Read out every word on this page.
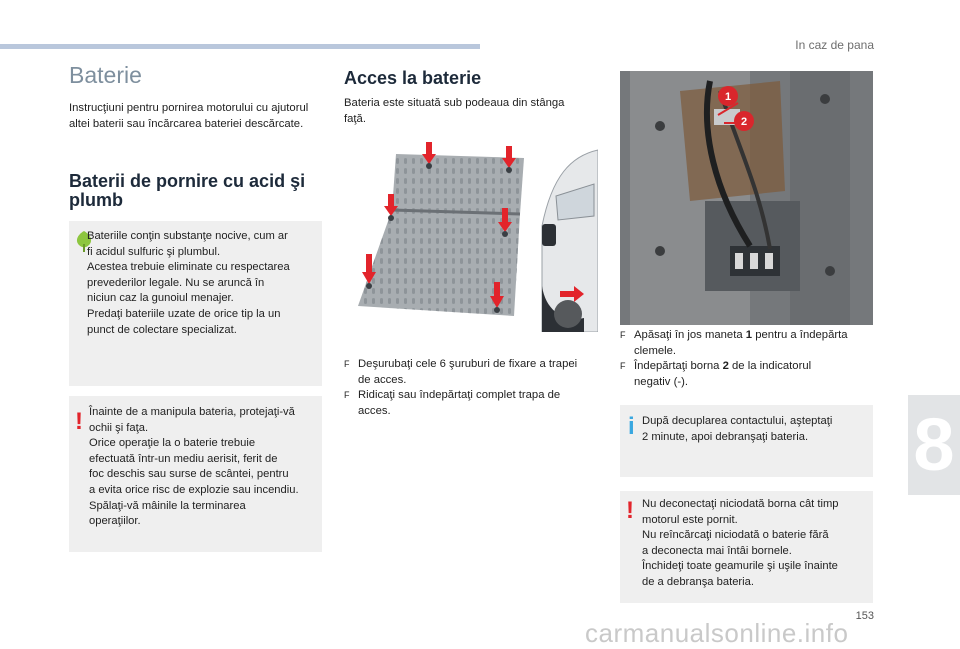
In caz de pana
8
Baterie
Instrucţiuni pentru pornirea motorului cu ajutorul altei baterii sau încărcarea bateriei descărcate.
Baterii de pornire cu acid şi
plumb

Bateriile conţin substanţe nocive, cum ar

fi acidul sulfuric şi plumbul.

Acestea trebuie eliminate cu respectarea

prevederilor legale. Nu se aruncă în

niciun caz la gunoiul menajer.

Predaţi bateriile uzate de orice tip la un

punct de colectare specializat.

! Înainte de a manipula bateria, protejaţi-vă

ochii şi faţa.

Orice operaţie la o baterie trebuie

efectuată într-un mediu aerisit, ferit de

foc deschis sau surse de scântei, pentru

a evita orice risc de explozie sau incendiu.

Spălaţi-vă mâinile la terminarea

operaţiilor.

Acces la baterie
Bateria este situată sub podeaua din stânga faţă.
F Deşurubaţi cele 6 şuruburi de fixare a trapei
de acces.
F Ridicaţi sau îndepărtaţi complet trapa de
acces.
1
2
F Apăsaţi în jos maneta 1 pentru a îndepărta
clemele.
F Îndepărtaţi borna 2 de la indicatorul
negativ (-).
i După decuplarea contactului, aşteptaţi

2 minute, apoi debranşaţi bateria.

! Nu deconectaţi niciodată borna cât timp

motorul este pornit.

Nu reîncărcaţi niciodată o baterie fără

a deconecta mai întâi bornele.

Închideţi toate geamurile şi uşile înainte

de a debranşa bateria.

153
carmanualsonline.info
